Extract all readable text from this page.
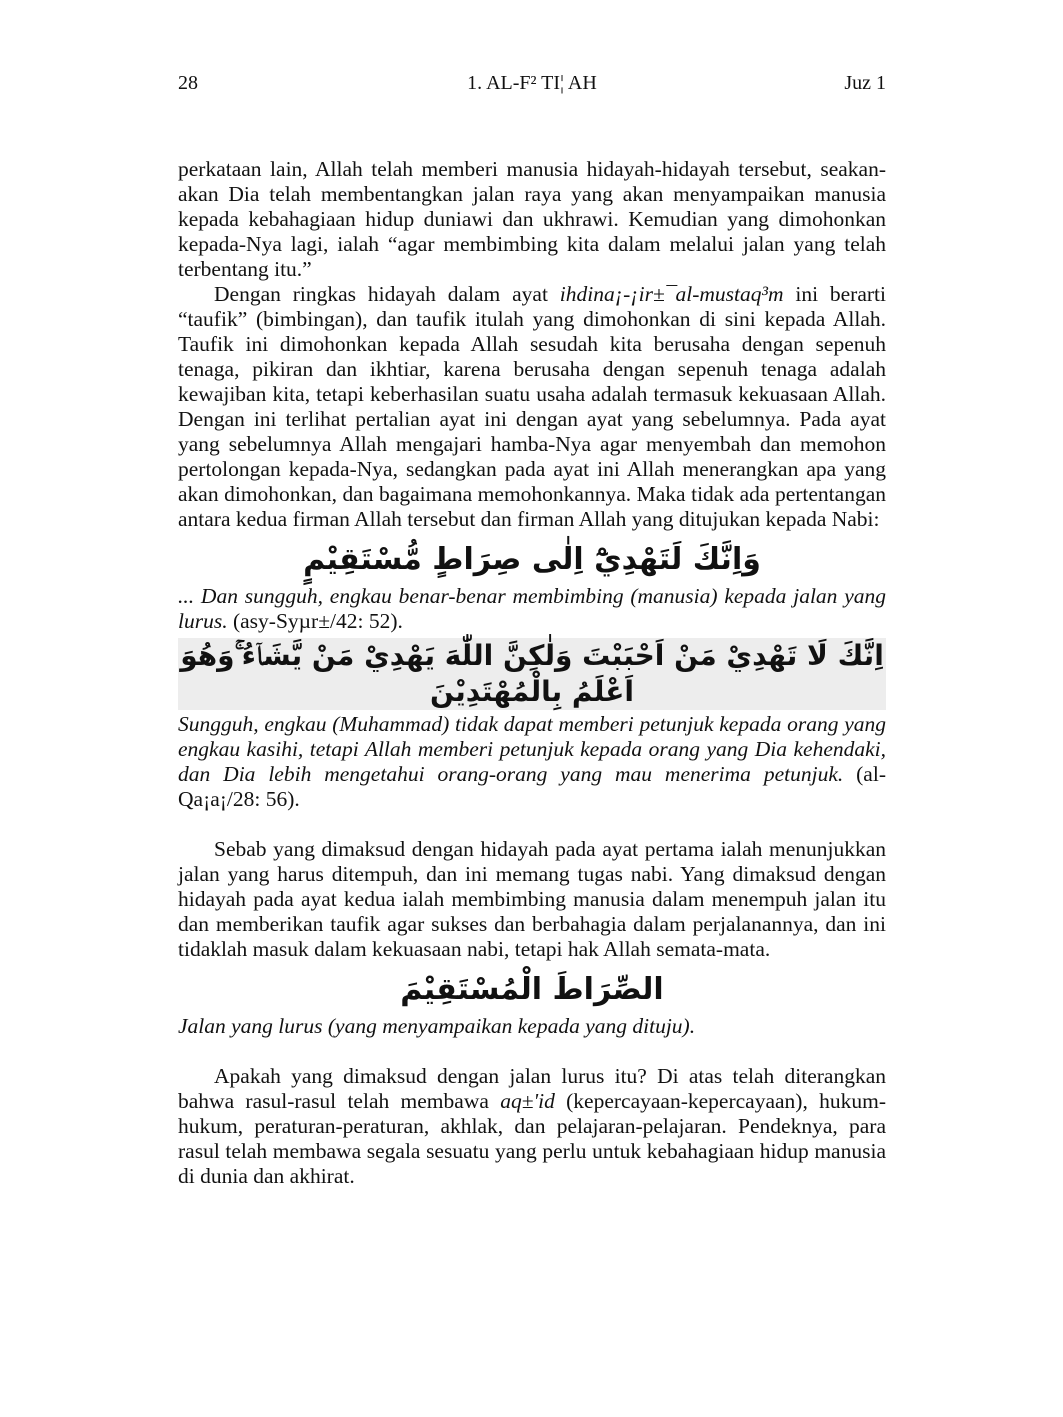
28	1. AL-F² TI¦ AH	Juz 1

perkataan lain, Allah telah memberi manusia hidayah-hidayah tersebut, seakan-akan Dia telah membentangkan jalan raya yang akan menyampaikan manusia kepada kebahagiaan hidup duniawi dan ukhrawi. Kemudian yang dimohonkan kepada-Nya lagi, ialah “agar membimbing kita dalam melalui jalan yang telah terbentang itu.”

Dengan ringkas hidayah dalam ayat ihdina¡-¡ir±¯al-mustaq³m ini berarti “taufik” (bimbingan), dan taufik itulah yang dimohonkan di sini kepada Allah. Taufik ini dimohonkan kepada Allah sesudah kita berusaha dengan sepenuh tenaga, pikiran dan ikhtiar, karena berusaha dengan sepenuh tenaga adalah kewajiban kita, tetapi keberhasilan suatu usaha adalah termasuk kekuasaan Allah. Dengan ini terlihat pertalian ayat ini dengan ayat yang sebelumnya. Pada ayat yang sebelumnya Allah mengajari hamba-Nya agar menyembah dan memohon pertolongan kepada-Nya, sedangkan pada ayat ini Allah menerangkan apa yang akan dimohonkan, dan bagaimana memohonkannya. Maka tidak ada pertentangan antara kedua firman Allah tersebut dan firman Allah yang ditujukan kepada Nabi:

وَاِنَّكَ لَتَهْدِيْٓ اِلٰى صِرَاطٍ مُّسْتَقِيْمٍ

... Dan sungguh, engkau benar-benar membimbing (manusia) kepada jalan yang lurus. (asy-Syµr±/42: 52).

اِنَّكَ لَا تَهْدِيْ مَنْ اَحْبَبْتَ وَلٰكِنَّ اللّٰهَ يَهْدِيْ مَنْ يَّشَاۤءُ ۚوَهُوَ اَعْلَمُ بِالْمُهْتَدِيْنَ

Sungguh, engkau (Muhammad) tidak dapat memberi petunjuk kepada orang yang engkau kasihi, tetapi Allah memberi petunjuk kepada orang yang Dia kehendaki, dan Dia lebih mengetahui orang-orang yang mau menerima petunjuk. (al-Qa¡a¡/28: 56).

Sebab yang dimaksud dengan hidayah pada ayat pertama ialah menunjukkan jalan yang harus ditempuh, dan ini memang tugas nabi. Yang dimaksud dengan hidayah pada ayat kedua ialah membimbing manusia dalam menempuh jalan itu dan memberikan taufik agar sukses dan berbahagia dalam perjalanannya, dan ini tidaklah masuk dalam kekuasaan nabi, tetapi hak Allah semata-mata.

الصِّرَاطَ الْمُسْتَقِيْمَ

Jalan yang lurus (yang menyampaikan kepada yang dituju).

Apakah yang dimaksud dengan jalan lurus itu? Di atas telah diterangkan bahwa rasul-rasul telah membawa aq±'id (kepercayaan-kepercayaan), hukum-hukum, peraturan-peraturan, akhlak, dan pelajaran-pelajaran. Pendeknya, para rasul telah membawa segala sesuatu yang perlu untuk kebahagiaan hidup manusia di dunia dan akhirat.
